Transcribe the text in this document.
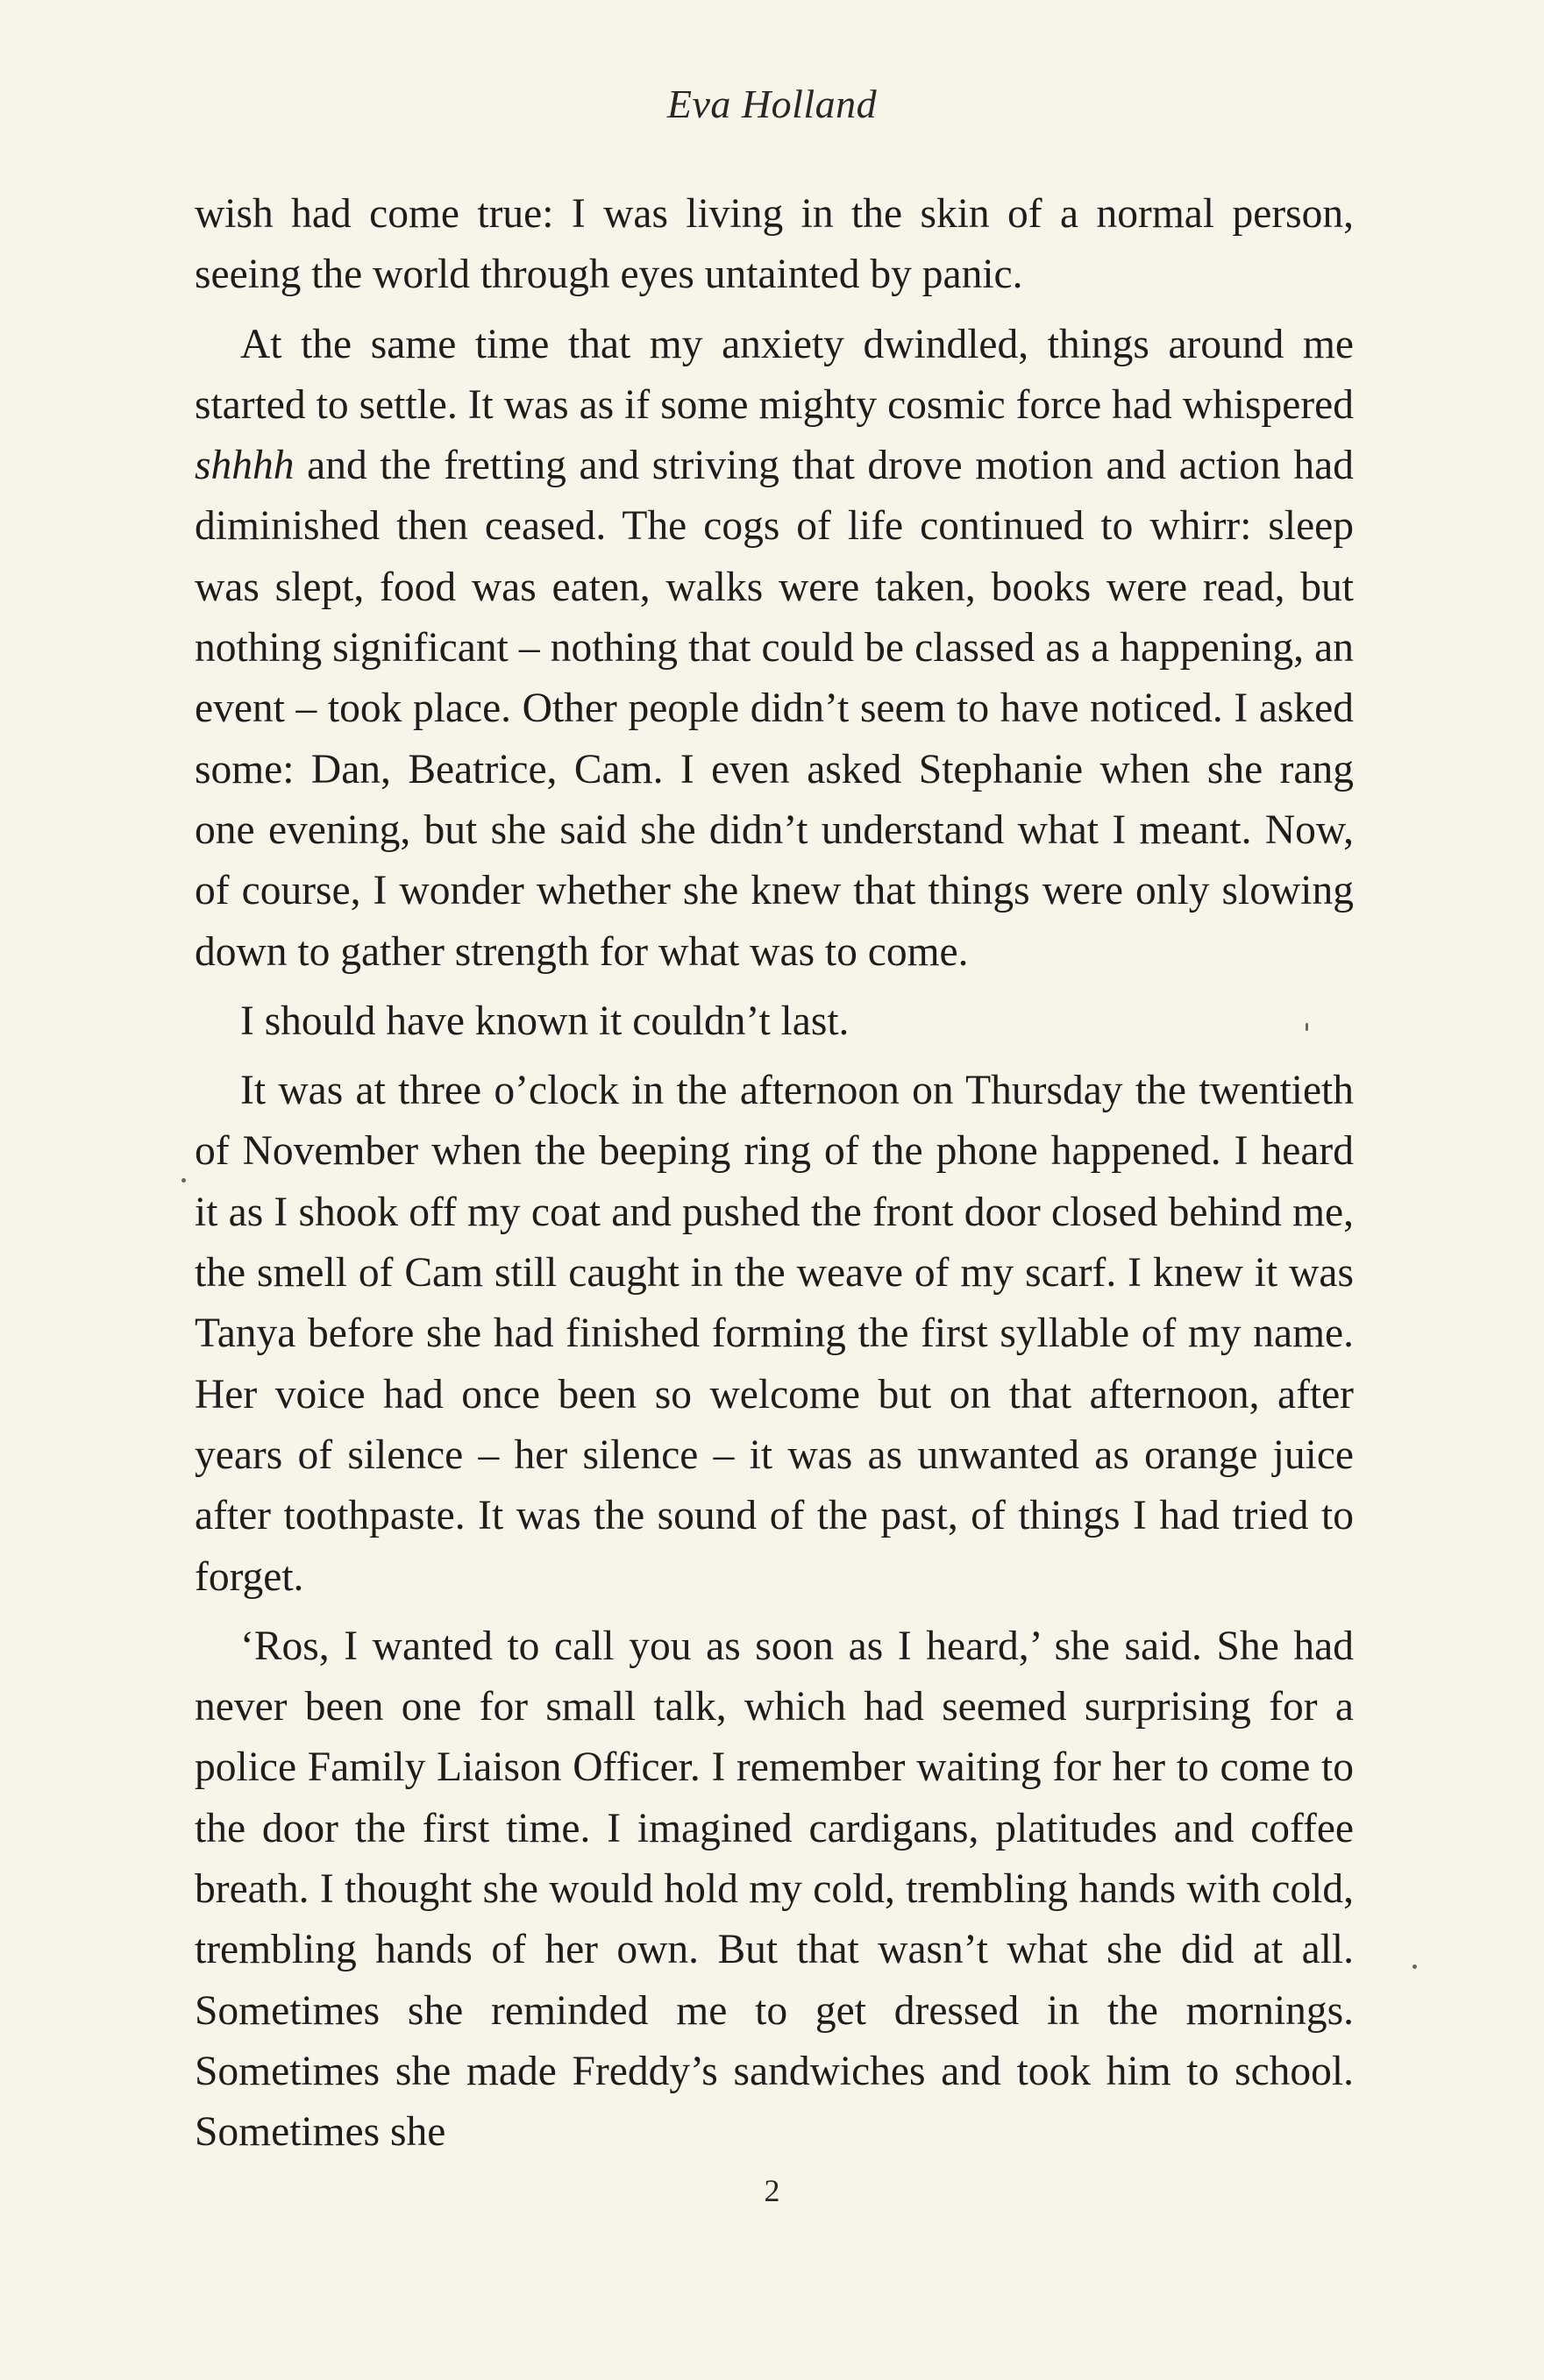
Eva Holland

wish had come true: I was living in the skin of a normal person, seeing the world through eyes untainted by panic.

At the same time that my anxiety dwindled, things around me started to settle. It was as if some mighty cosmic force had whispered shhhh and the fretting and striving that drove motion and action had diminished then ceased. The cogs of life continued to whirr: sleep was slept, food was eaten, walks were taken, books were read, but nothing significant – nothing that could be classed as a happening, an event – took place. Other people didn’t seem to have noticed. I asked some: Dan, Beatrice, Cam. I even asked Stephanie when she rang one evening, but she said she didn’t understand what I meant. Now, of course, I wonder whether she knew that things were only slowing down to gather strength for what was to come.

I should have known it couldn’t last.

It was at three o’clock in the afternoon on Thursday the twentieth of November when the beeping ring of the phone happened. I heard it as I shook off my coat and pushed the front door closed behind me, the smell of Cam still caught in the weave of my scarf. I knew it was Tanya before she had finished forming the first syllable of my name. Her voice had once been so welcome but on that afternoon, after years of silence – her silence – it was as unwanted as orange juice after toothpaste. It was the sound of the past, of things I had tried to forget.

‘Ros, I wanted to call you as soon as I heard,’ she said. She had never been one for small talk, which had seemed surprising for a police Family Liaison Officer. I remember waiting for her to come to the door the first time. I imagined cardigans, platitudes and coffee breath. I thought she would hold my cold, trembling hands with cold, trembling hands of her own. But that wasn’t what she did at all. Sometimes she reminded me to get dressed in the mornings. Sometimes she made Freddy’s sandwiches and took him to school. Sometimes she

2
